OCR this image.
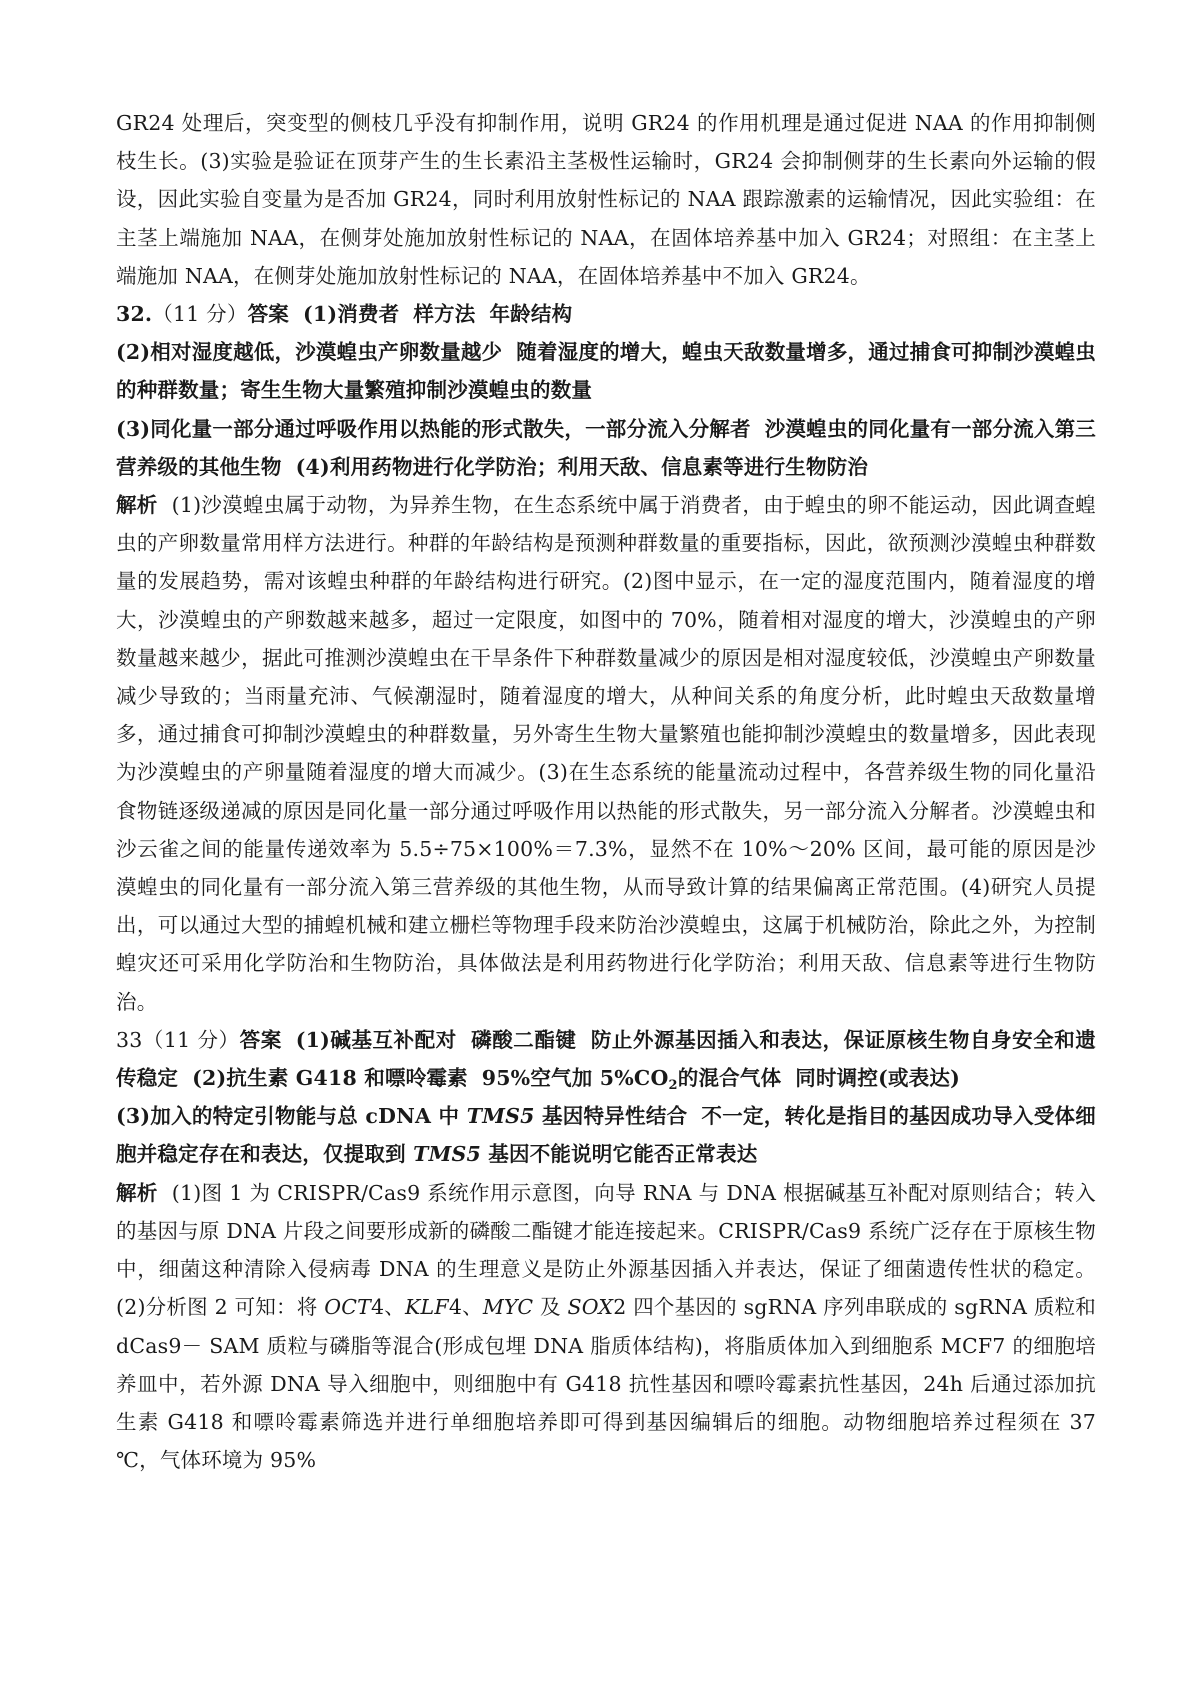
GR24 处理后，突变型的侧枝几乎没有抑制作用，说明 GR24 的作用机理是通过促进 NAA 的作用抑制侧枝生长。(3)实验是验证在顶芽产生的生长素沿主茎极性运输时，GR24 会抑制侧芽的生长素向外运输的假设，因此实验自变量为是否加 GR24，同时利用放射性标记的 NAA 跟踪激素的运输情况，因此实验组：在主茎上端施加 NAA，在侧芽处施加放射性标记的 NAA，在固体培养基中加入 GR24；对照组：在主茎上端施加 NAA，在侧芽处施加放射性标记的 NAA，在固体培养基中不加入 GR24。

32.（11 分）答案 (1)消费者 样方法 年龄结构
(2)相对湿度越低，沙漠蝗虫产卵数量越少 随着湿度的增大，蝗虫天敌数量增多，通过捕食可抑制沙漠蝗虫的种群数量；寄生生物大量繁殖抑制沙漠蝗虫的数量
(3)同化量一部分通过呼吸作用以热能的形式散失，一部分流入分解者 沙漠蝗虫的同化量有一部分流入第三营养级的其他生物 (4)利用药物进行化学防治；利用天敌、信息素等进行生物防治

解析 (1)沙漠蝗虫属于动物，为异养生物，在生态系统中属于消费者，由于蝗虫的卵不能运动，因此调查蝗虫的产卵数量常用样方法进行。种群的年龄结构是预测种群数量的重要指标，因此，欲预测沙漠蝗虫种群数量的发展趋势，需对该蝗虫种群的年龄结构进行研究。(2)图中显示，在一定的湿度范围内，随着湿度的增大，沙漠蝗虫的产卵数越来越多，超过一定限度，如图中的 70%，随着相对湿度的增大，沙漠蝗虫的产卵数量越来越少，据此可推测沙漠蝗虫在干旱条件下种群数量减少的原因是相对湿度较低，沙漠蝗虫产卵数量减少导致的；当雨量充沛、气候潮湿时，随着湿度的增大，从种间关系的角度分析，此时蝗虫天敌数量增多，通过捕食可抑制沙漠蝗虫的种群数量，另外寄生生物大量繁殖也能抑制沙漠蝗虫的数量增多，因此表现为沙漠蝗虫的产卵量随着湿度的增大而减少。(3)在生态系统的能量流动过程中，各营养级生物的同化量沿食物链逐级递减的原因是同化量一部分通过呼吸作用以热能的形式散失，另一部分流入分解者。沙漠蝗虫和沙云雀之间的能量传递效率为 5.5÷75×100%＝7.3%，显然不在 10%～20% 区间，最可能的原因是沙漠蝗虫的同化量有一部分流入第三营养级的其他生物，从而导致计算的结果偏离正常范围。(4)研究人员提出，可以通过大型的捕蝗机械和建立栅栏等物理手段来防治沙漠蝗虫，这属于机械防治，除此之外，为控制蝗灾还可采用化学防治和生物防治，具体做法是利用药物进行化学防治；利用天敌、信息素等进行生物防治。

33（11 分）答案 (1)碱基互补配对 磷酸二酯键 防止外源基因插入和表达，保证原核生物自身安全和遗传稳定 (2)抗生素 G418 和嘌呤霉素 95%空气加 $5\%CO_2$的混合气体 同时调控(或表达)
(3)加入的特定引物能与总 cDNA 中 TMS5 基因特异性结合 不一定，转化是指目的基因成功导入受体细胞并稳定存在和表达，仅提取到 TMS5 基因不能说明它能否正常表达

解析 (1)图 1 为 CRISPR/Cas9 系统作用示意图，向导 RNA 与 DNA 根据碱基互补配对原则结合；转入的基因与原 DNA 片段之间要形成新的磷酸二酯键才能连接起来。CRISPR/Cas9 系统广泛存在于原核生物中，细菌这种清除入侵病毒 DNA 的生理意义是防止外源基因插入并表达，保证了细菌遗传性状的稳定。(2)分析图 2 可知：将 OCT4、KLF4、MYC 及 SOX2 四个基因的 sgRNA 序列串联成的 sgRNA 质粒和 dCas9－ SAM 质粒与磷脂等混合(形成包埋 DNA 脂质体结构)，将脂质体加入到细胞系 MCF7 的细胞培养皿中，若外源 DNA 导入细胞中，则细胞中有 G418 抗性基因和嘌呤霉素抗性基因，24h 后通过添加抗生素 G418 和嘌呤霉素筛选并进行单细胞培养即可得到基因编辑后的细胞。动物细胞培养过程须在 37 ℃，气体环境为 95%
